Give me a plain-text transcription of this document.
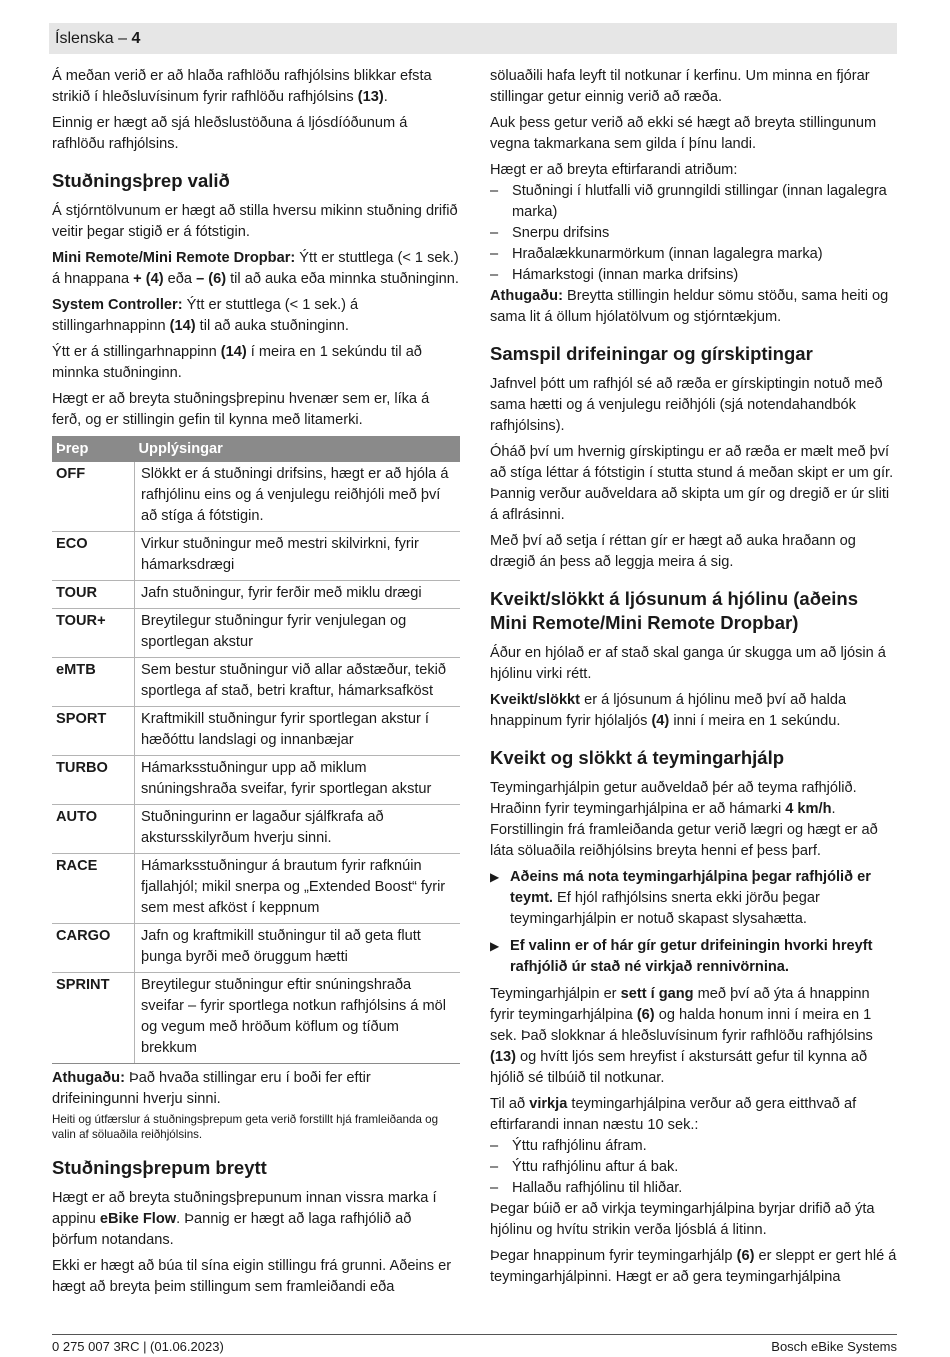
Íslenska – 4

Á meðan verið er að hlaða rafhlöðu rafhjólsins blikkar efsta strikið í hleðsluvísinum fyrir rafhlöðu rafhjólsins (13).

Einnig er hægt að sjá hleðslustöðuna á ljósdíóðunum á rafhlöðu rafhjólsins.

Stuðningsþrep valið

Á stjórntölvunum er hægt að stilla hversu mikinn stuðning drifið veitir þegar stigið er á fótstigin.

Mini Remote/Mini Remote Dropbar: Ýtt er stuttlega (< 1 sek.) á hnappana + (4) eða – (6) til að auka eða minnka stuðninginn.

System Controller: Ýtt er stuttlega (< 1 sek.) á stillingarhnappinn (14) til að auka stuðninginn.

Ýtt er á stillingarhnappinn (14) í meira en 1 sekúndu til að minnka stuðninginn.

Hægt er að breyta stuðningsþrepinu hvenær sem er, líka á ferð, og er stillingin gefin til kynna með litamerki.

Þrep	Upplýsingar
OFF	Slökkt er á stuðningi drifsins, hægt er að hjóla á rafhjólinu eins og á venjulegu reiðhjóli með því að stíga á fótstigin.
ECO	Virkur stuðningur með mestri skilvirkni, fyrir hámarksdrægi
TOUR	Jafn stuðningur, fyrir ferðir með miklu drægi
TOUR+	Breytilegur stuðningur fyrir venjulegan og sportlegan akstur
eMTB	Sem bestur stuðningur við allar aðstæður, tekið sportlega af stað, betri kraftur, hámarksafköst
SPORT	Kraftmikill stuðningur fyrir sportlegan akstur í hæðóttu landslagi og innanbæjar
TURBO	Hámarksstuðningur upp að miklum snúningshraða sveifar, fyrir sportlegan akstur
AUTO	Stuðningurinn er lagaður sjálfkrafa að akstursskilyrðum hverju sinni.
RACE	Hámarksstuðningur á brautum fyrir rafknúin fjallahjól; mikil snerpa og „Extended Boost“ fyrir sem mest afköst í keppnum
CARGO	Jafn og kraftmikill stuðningur til að geta flutt þunga byrði með öruggum hætti
SPRINT	Breytilegur stuðningur eftir snúningshraða sveifar – fyrir sportlega notkun rafhjólsins á möl og vegum með hröðum köflum og tíðum brekkum

Athugaðu: Það hvaða stillingar eru í boði fer eftir drifeiningunni hverju sinni.

Heiti og útfærslur á stuðningsþrepum geta verið forstillt hjá framleiðanda og valin af söluaðila reiðhjólsins.

Stuðningsþrepum breytt

Hægt er að breyta stuðningsþrepunum innan vissra marka í appinu eBike Flow. Þannig er hægt að laga rafhjólið að þörfum notandans.

Ekki er hægt að búa til sína eigin stillingu frá grunni. Aðeins er hægt að breyta þeim stillingum sem framleiðandi eða

söluaðili hafa leyft til notkunar í kerfinu. Um minna en fjórar stillingar getur einnig verið að ræða.

Auk þess getur verið að ekki sé hægt að breyta stillingunum vegna takmarkana sem gilda í þínu landi.

Hægt er að breyta eftirfarandi atriðum:

– Stuðningi í hlutfalli við grunngildi stillingar (innan lagalegra marka)
– Snerpu drifsins
– Hraðalækkunarmörkum (innan lagalegra marka)
– Hámarkstogi (innan marka drifsins)

Athugaðu: Breytta stillingin heldur sömu stöðu, sama heiti og sama lit á öllum hjólatölvum og stjórntækjum.

Samspil drifeiningar og gírskiptingar

Jafnvel þótt um rafhjól sé að ræða er gírskiptingin notuð með sama hætti og á venjulegu reiðhjóli (sjá notendahandbók rafhjólsins).

Óháð því um hvernig gírskiptingu er að ræða er mælt með því að stíga léttar á fótstigin í stutta stund á meðan skipt er um gír. Þannig verður auðveldara að skipta um gír og dregið er úr sliti á aflrásinni.

Með því að setja í réttan gír er hægt að auka hraðann og drægið án þess að leggja meira á sig.

Kveikt/slökkt á ljósunum á hjólinu (aðeins Mini Remote/Mini Remote Dropbar)

Áður en hjólað er af stað skal ganga úr skugga um að ljósin á hjólinu virki rétt.

Kveikt/slökkt er á ljósunum á hjólinu með því að halda hnappinum fyrir hjólaljós (4) inni í meira en 1 sekúndu.

Kveikt og slökkt á teymingarhjálp

Teymingarhjálpin getur auðveldað þér að teyma rafhjólið. Hraðinn fyrir teymingarhjálpina er að hámarki 4 km/h. Forstillingin frá framleiðanda getur verið lægri og hægt er að láta söluaðila reiðhjólsins breyta henni ef þess þarf.

▶ Aðeins má nota teymingarhjálpina þegar rafhjólið er teymt. Ef hjól rafhjólsins snerta ekki jörðu þegar teymingarhjálpin er notuð skapast slysahætta.
▶ Ef valinn er of hár gír getur drifeiningin hvorki hreyft rafhjólið úr stað né virkjað rennivörnina.

Teymingarhjálpin er sett í gang með því að ýta á hnappinn fyrir teymingarhjálpina (6) og halda honum inni í meira en 1 sek. Það slokknar á hleðsluvísinum fyrir rafhlöðu rafhjólsins (13) og hvítt ljós sem hreyfist í akstursátt gefur til kynna að hjólið sé tilbúið til notkunar.

Til að virkja teymingarhjálpina verður að gera eitthvað af eftirfarandi innan næstu 10 sek.:

– Ýttu rafhjólinu áfram.
– Ýttu rafhjólinu aftur á bak.
– Hallaðu rafhjólinu til hliðar.

Þegar búið er að virkja teymingarhjálpina byrjar drifið að ýta hjólinu og hvítu strikin verða ljósblá á litinn.

Þegar hnappinum fyrir teymingarhjálp (6) er sleppt er gert hlé á teymingarhjálpinni. Hægt er að gera teymingarhjálpina

0 275 007 3RC | (01.06.2023)	Bosch eBike Systems
